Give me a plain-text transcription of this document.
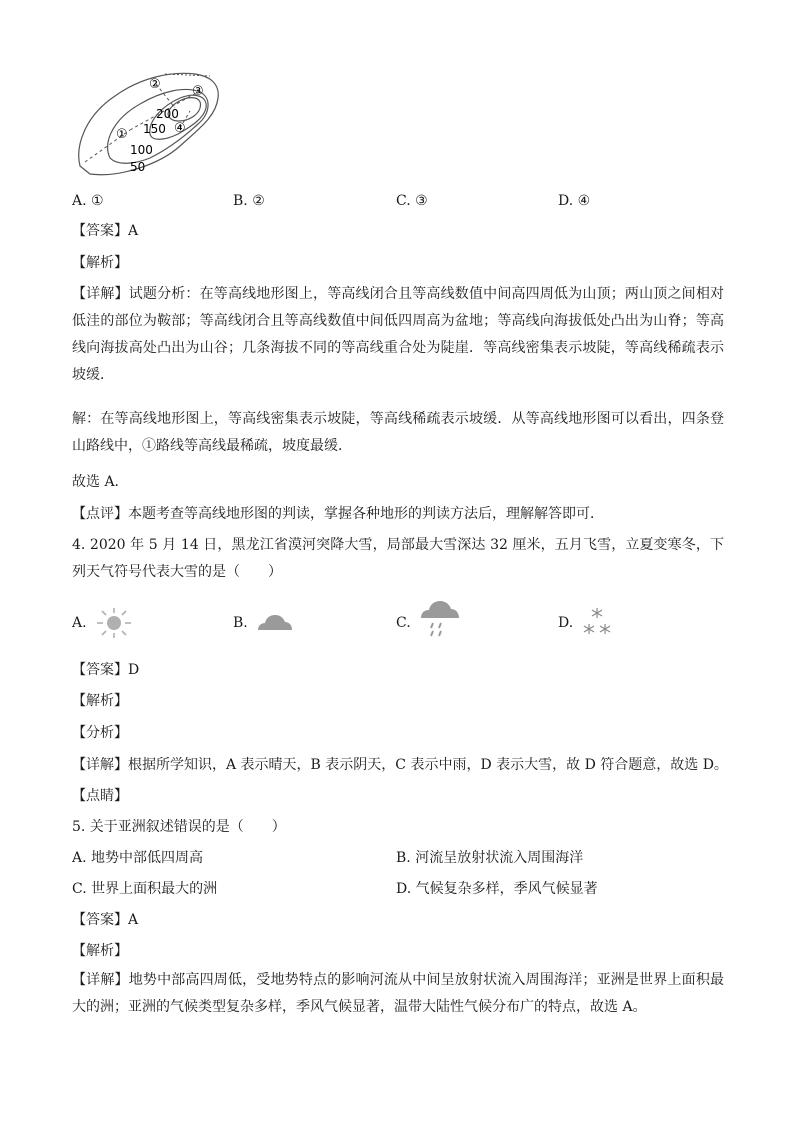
①
② ③
④
200
150
100
50
A. ①	B. ②	C. ③	D. ④
【答案】A
【解析】
【详解】试题分析：在等高线地形图上，等高线闭合且等高线数值中间高四周低为山顶；两山顶之间相对低洼的部位为鞍部；等高线闭合且等高线数值中间低四周高为盆地；等高线向海拔低处凸出为山脊；等高线向海拔高处凸出为山谷；几条海拔不同的等高线重合处为陡崖．等高线密集表示坡陡，等高线稀疏表示坡缓．
解：在等高线地形图上，等高线密集表示坡陡，等高线稀疏表示坡缓．从等高线地形图可以看出，四条登山路线中，①路线等高线最稀疏，坡度最缓．
故选 A．
【点评】本题考查等高线地形图的判读，掌握各种地形的判读方法后，理解解答即可．
4. 2020 年 5 月 14 日，黑龙江省漠河突降大雪，局部最大雪深达 32 厘米，五月飞雪，立夏变寒冬，下列天气符号代表大雪的是（　　）
A.	B.	C.	D.
【答案】D
【解析】
【分析】
【详解】根据所学知识，A 表示晴天，B 表示阴天，C 表示中雨，D 表示大雪，故 D 符合题意，故选 D。
【点睛】
5. 关于亚洲叙述错误的是（　　）
A. 地势中部低四周高	B. 河流呈放射状流入周围海洋
C. 世界上面积最大的洲	D. 气候复杂多样，季风气候显著
【答案】A
【解析】
【详解】地势中部高四周低，受地势特点的影响河流从中间呈放射状流入周围海洋；亚洲是世界上面积最大的洲；亚洲的气候类型复杂多样，季风气候显著，温带大陆性气候分布广的特点，故选 A。
